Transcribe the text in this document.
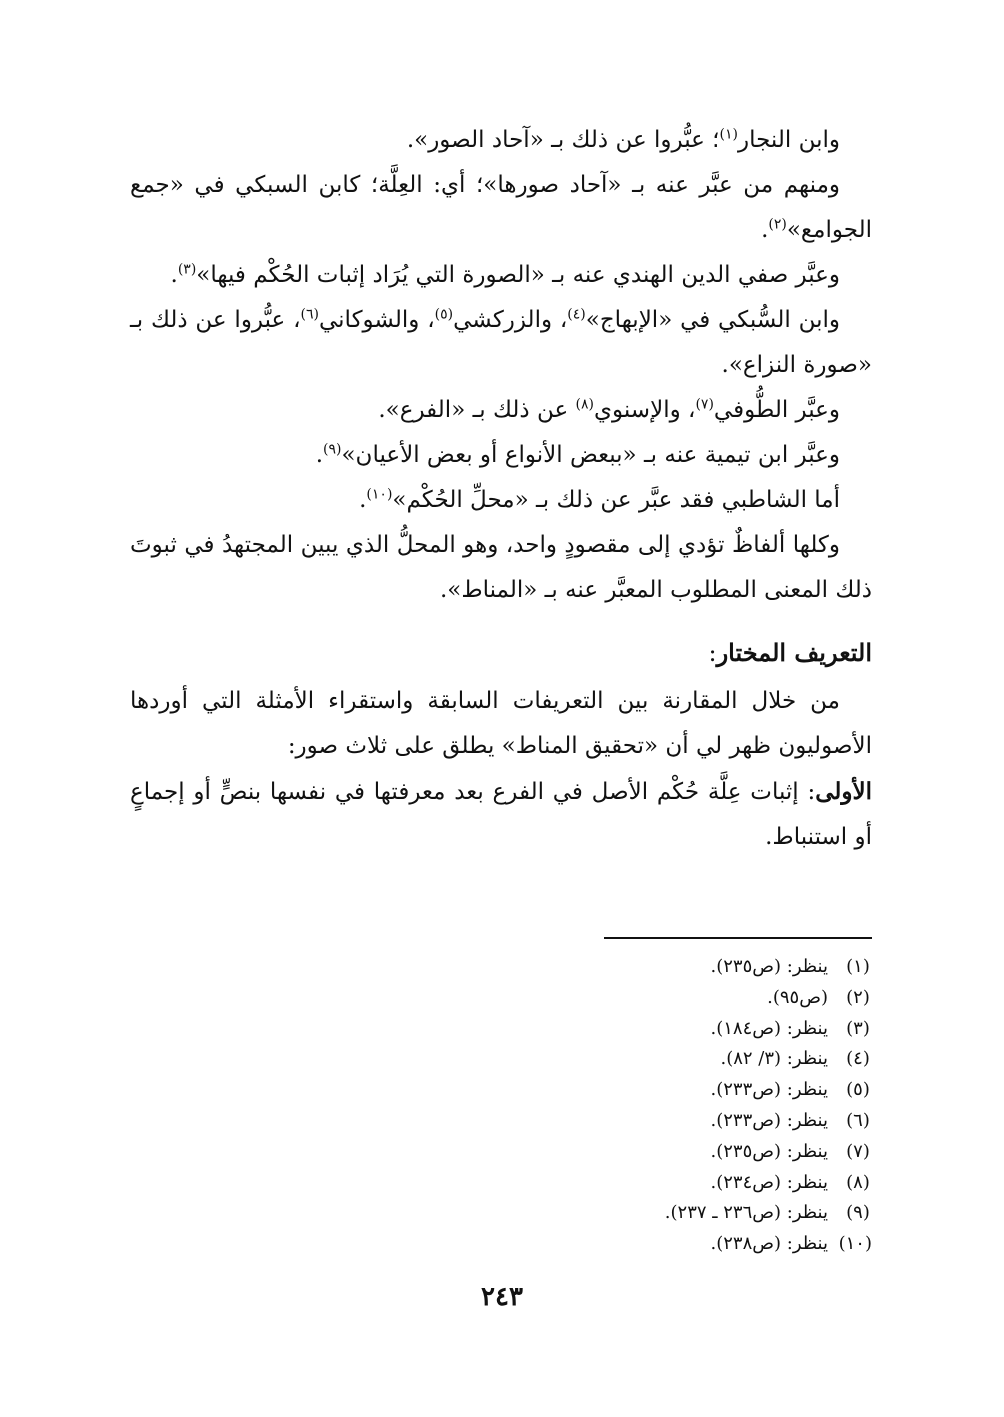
وابن النجار$^{(١)}$؛ عبُّروا عن ذلك بـ «آحاد الصور».

ومنهم من عبَّر عنه بـ «آحاد صورها»؛ أي: العِلَّة؛ كابن السبكي في «جمع الجوامع»$^{(٢)}$.

وعبَّر صفي الدين الهندي عنه بـ «الصورة التي يُرَاد إثبات الحُكْم فيها»$^{(٣)}$.

وابن السُّبكي في «الإبهاج»$^{(٤)}$، والزركشي$^{(٥)}$، والشوكاني$^{(٦)}$، عبُّروا عن ذلك بـ «صورة النزاع».

وعبَّر الطُّوفي$^{(٧)}$، والإسنوي$^{(٨)}$ عن ذلك بـ «الفرع».

وعبَّر ابن تيمية عنه بـ «ببعض الأنواع أو بعض الأعيان»$^{(٩)}$.

أما الشاطبي فقد عبَّر عن ذلك بـ «محلِّ الحُكْم»$^{(١٠)}$.

وكلها ألفاظٌ تؤدي إلى مقصودٍ واحد، وهو المحلُّ الذي يبين المجتهدُ في ثبوتَ ذلك المعنى المطلوب المعبَّر عنه بـ «المناط».

التعريف المختار:

من خلال المقارنة بين التعريفات السابقة واستقراء الأمثلة التي أوردها الأصوليون ظهر لي أن «تحقيق المناط» يطلق على ثلاث صور:

الأولى: إثبات عِلَّة حُكْم الأصل في الفرع بعد معرفتها في نفسها بنصٍّ أو إجماعٍ أو استنباط.

(١)
ينظر: (ص٢٣٥).
(٢)
(ص٩٥).
(٣)
ينظر: (ص١٨٤).
(٤)
ينظر: (٣/ ٨٢).
(٥)
ينظر: (ص٢٣٣).
(٦)
ينظر: (ص٢٣٣).
(٧)
ينظر: (ص٢٣٥).
(٨)
ينظر: (ص٢٣٤).
(٩)
ينظر: (ص٢٣٦ ـ ٢٣٧).
(١٠)
ينظر: (ص٢٣٨).
٢٤٣
